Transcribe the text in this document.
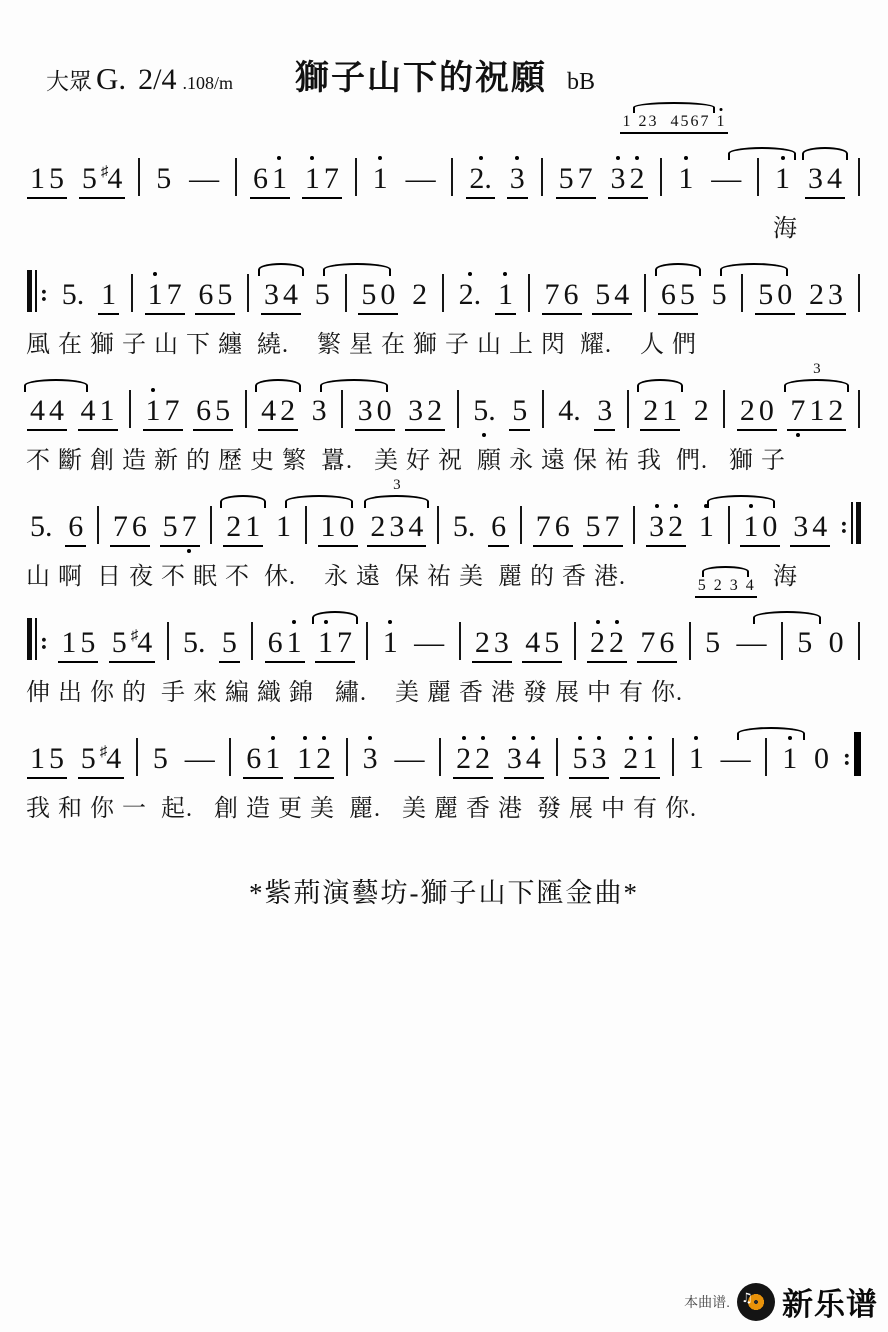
大眾 G. 2/4 .108/m 獅子山下的祝願 bB
1
2 3

4 5 6 7
1
1 5 5 ♯4 5 — 6 1 1 7 1 — 2. 3 5 7 3 2 1 — 1 3 4
海
: 5. 1 1 7 6 5 3 4 5 5 0 2 2. 1 7 6 5 4 6 5 5 5 0 2 3
風 在 獅 子 山 下 纏  繞.    繁 星 在 獅 子 山 上 閃  耀.    人 們
4 4 4 1 1 7 6 5 4 2 3 3 0 3 2 5. 5 4. 3 2 1 2 2 0 7 1 2
3
不 斷 創 造 新 的 歷 史 繁  囂.   美 好 祝  願 永 遠 保 祐 我  們.   獅 子
5. 6 7 6 5 7 2 1 1 1 0 2 3 4
3
5. 6 7 6 5 7 3 2 1 1 0 3 4 :
山 啊  日 夜 不 眠 不  休.    永 遠  保 祐 美  麗 的 香 港.	海
5
2
3
4
: 1 5 5 ♯4 5. 5 6 1 1 7 1 — 2 3 4 5 2 2 7 6 5 — 5 0
伸 出 你 的  手 來 編 織 錦   繡.    美 麗 香 港 發 展 中 有 你.
1 5 5 ♯4 5 — 6 1 1 2 3 — 2 2 3 4 5 3 2 1 1 — 1 0 :
我 和 你 一  起.   創 造 更 美  麗.   美 麗 香 港  發 展 中 有 你.
*紫荊演藝坊-獅子山下匯金曲*
本曲谱. ♫ 新乐谱
